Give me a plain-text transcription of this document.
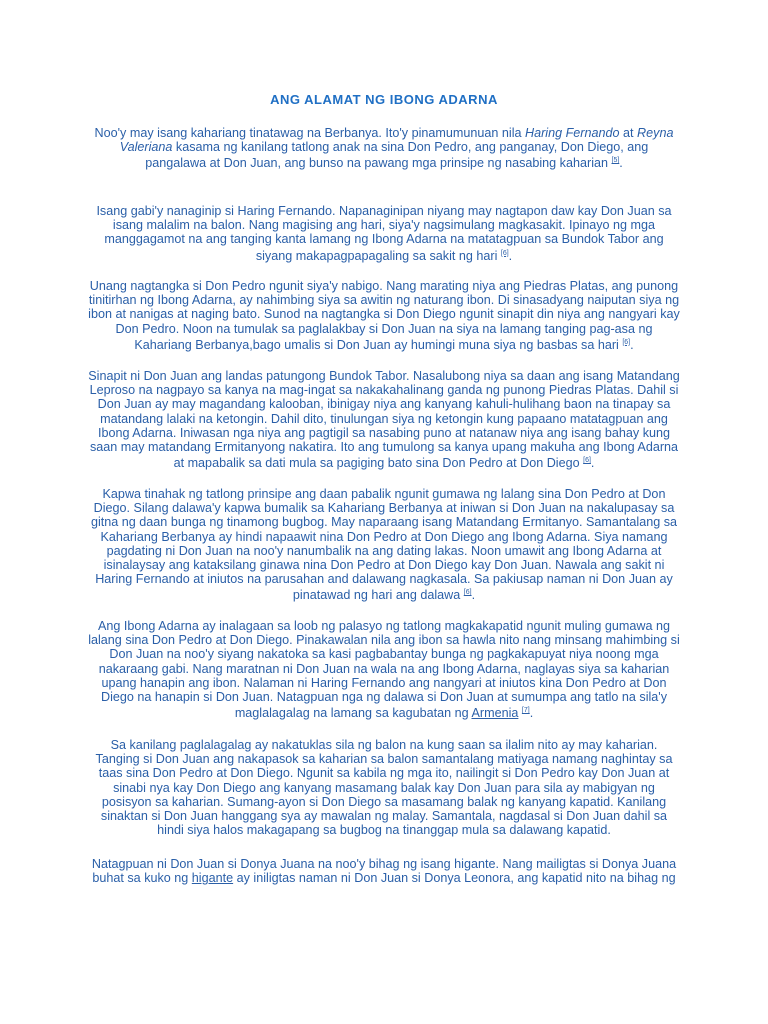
ANG ALAMAT NG IBONG ADARNA
Noo'y may isang kahariang tinatawag na Berbanya. Ito'y pinamumunuan nila Haring Fernando at Reyna Valeriana kasama ng kanilang tatlong anak na sina Don Pedro, ang panganay, Don Diego, ang pangalawa at Don Juan, ang bunso na pawang mga prinsipe ng nasabing kaharian [5].
Isang gabi'y nanaginip si Haring Fernando. Napanaginipan niyang may nagtapon daw kay Don Juan sa isang malalim na balon. Nang magising ang hari, siya'y nagsimulang magkasakit. Ipinayo ng mga manggagamot na ang tanging kanta lamang ng Ibong Adarna na matatagpuan sa Bundok Tabor ang siyang makapagpapagaling sa sakit ng hari [6].
Unang nagtangka si Don Pedro ngunit siya'y nabigo. Nang marating niya ang Piedras Platas, ang punong tinitirhan ng Ibong Adarna, ay nahimbing siya sa awitin ng naturang ibon. Di sinasadyang naiputan siya ng ibon at nanigas at naging bato. Sunod na nagtangka si Don Diego ngunit sinapit din niya ang nangyari kay Don Pedro. Noon na tumulak sa paglalakbay si Don Juan na siya na lamang tanging pag-asa ng Kahariang Berbanya,bago umalis si Don Juan ay humingi muna siya ng basbas sa hari [6].
Sinapit ni Don Juan ang landas patungong Bundok Tabor. Nasalubong niya sa daan ang isang Matandang Leproso na nagpayo sa kanya na mag-ingat sa nakakahalinang ganda ng punong Piedras Platas. Dahil si Don Juan ay may magandang kalooban, ibinigay niya ang kanyang kahuli-hulihang baon na tinapay sa matandang lalaki na ketongin. Dahil dito, tinulungan siya ng ketongin kung papaano matatagpuan ang Ibong Adarna. Iniwasan nga niya ang pagtigil sa nasabing puno at natanaw niya ang isang bahay kung saan may matandang Ermitanyong nakatira. Ito ang tumulong sa kanya upang makuha ang Ibong Adarna at mapabalik sa dati mula sa pagiging bato sina Don Pedro at Don Diego [6].
Kapwa tinahak ng tatlong prinsipe ang daan pabalik ngunit gumawa ng lalang sina Don Pedro at Don Diego. Silang dalawa'y kapwa bumalik sa Kahariang Berbanya at iniwan si Don Juan na nakalupasay sa gitna ng daan bunga ng tinamong bugbog. May naparaang isang Matandang Ermitanyo. Samantalang sa Kahariang Berbanya ay hindi napaawit nina Don Pedro at Don Diego ang Ibong Adarna. Siya namang pagdating ni Don Juan na noo'y nanumbalik na ang dating lakas. Noon umawit ang Ibong Adarna at isinalaysay ang kataksilang ginawa nina Don Pedro at Don Diego kay Don Juan. Nawala ang sakit ni Haring Fernando at iniutos na parusahan and dalawang nagkasala. Sa pakiusap naman ni Don Juan ay pinatawad ng hari ang dalawa [6].
Ang Ibong Adarna ay inalagaan sa loob ng palasyo ng tatlong magkakapatid ngunit muling gumawa ng lalang sina Don Pedro at Don Diego. Pinakawalan nila ang ibon sa hawla nito nang minsang mahimbing si Don Juan na noo'y siyang nakatoka sa kasi pagbabantay bunga ng pagkakapuyat niya noong mga nakaraang gabi. Nang maratnan ni Don Juan na wala na ang Ibong Adarna, naglayas siya sa kaharian upang hanapin ang ibon. Nalaman ni Haring Fernando ang nangyari at iniutos kina Don Pedro at Don Diego na hanapin si Don Juan. Natagpuan nga ng dalawa si Don Juan at sumumpa ang tatlo na sila'y maglalagalag na lamang sa kagubatan ng Armenia [7].
Sa kanilang paglalagalag ay nakatuklas sila ng balon na kung saan sa ilalim nito ay may kaharian. Tanging si Don Juan ang nakapasok sa kaharian sa balon samantalang matiyaga namang naghintay sa taas sina Don Pedro at Don Diego. Ngunit sa kabila ng mga ito, nailingit si Don Pedro kay Don Juan at sinabi nya kay Don Diego ang kanyang masamang balak kay Don Juan para sila ay mabigyan ng posisyon sa kaharian. Sumang-ayon si Don Diego sa masamang balak ng kanyang kapatid. Kanilang sinaktan si Don Juan hanggang sya ay mawalan ng malay. Samantala, nagdasal si Don Juan dahil sa hindi siya halos makagapang sa bugbog na tinanggap mula sa dalawang kapatid.
Natagpuan ni Don Juan si Donya Juana na noo'y bihag ng isang higante. Nang mailigtas si Donya Juana buhat sa kuko ng higante ay iniligtas naman ni Don Juan si Donya Leonora, ang kapatid nito na bihag ng
